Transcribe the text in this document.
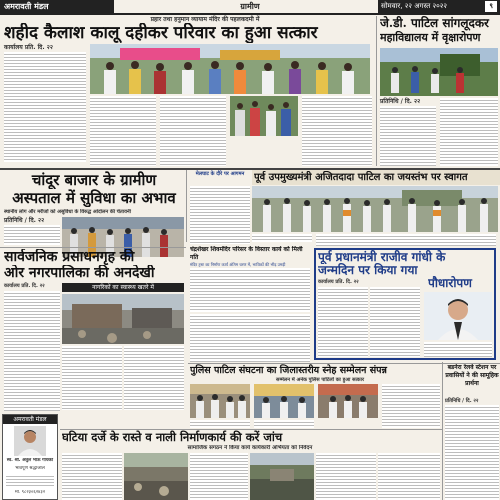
अमरावती मंडल	ग्रामीण	सोमवार, २२ अगस्त २०२२	९
प्रहार तथा हनुमान व्यायाम मंदिर की पहलकदमी में
शहीद कैलाश कालू दहीकर परिवार का हुआ सत्कार
कार्यालय प्रति. दि. २२
जे.डी. पाटिल सांगलूदकर
महाविद्यालय में वृक्षारोपण
प्रतिनिधि / दि. २२
चांदूर बाजार के ग्रामीण
अस्पताल में सुविधा का अभाव
स्थानीय लोग और मरीजों को असुविधा के विरुद्ध आंदोलन की चेतावनी
प्रतिनिधि / दि. २२
मेलघाट के दौरे पर आगमन पूर्व उपमुख्यमंत्री अजितदादा पाटिल का जयस्तंभ पर स्वागत
चंद्रशेखर शिवमंदिर परिसर के विस्तार कार्य को मिली गति
मंदिर ट्रस्ट का निर्माण कार्य अंतिम चरण में, भाविकों की भीड़ उमड़ी
सार्वजनिक प्रसाधनगृह की
ओर नगरपालिका की अनदेखी
नागरिकों का स्वास्थ्य खतरे में
कार्यालय प्रति. दि. २२
पूर्व प्रधानमंत्री राजीव गांधी के
जन्मदिन पर किया गया
पौधारोपण
कार्यालय प्रति. दि. २२
पुलिस पाटिल संघटना का जिलास्तरीय स्नेह सम्मेलन संपन्न
सम्मेलन में अनेक पुलिस पाटिलों का हुआ सत्कार
बडनेरा रेलवे स्टेशन पर प्रवासियों ने की सामूहिक प्रार्थना
प्रतिनिधि / दि. २२
अमरावती मंडल
स्व. श्री. अतुल भाऊ गायकी
भावपूर्ण श्रद्धांजलि
मो. ९८२३०६२४३२
घटिया दर्जे के रास्ते व नाली निर्माणकार्य की करें जांच
सामाजिक संगठन ने किया कार्य कार्यकारी अभियंता को निवेदन
